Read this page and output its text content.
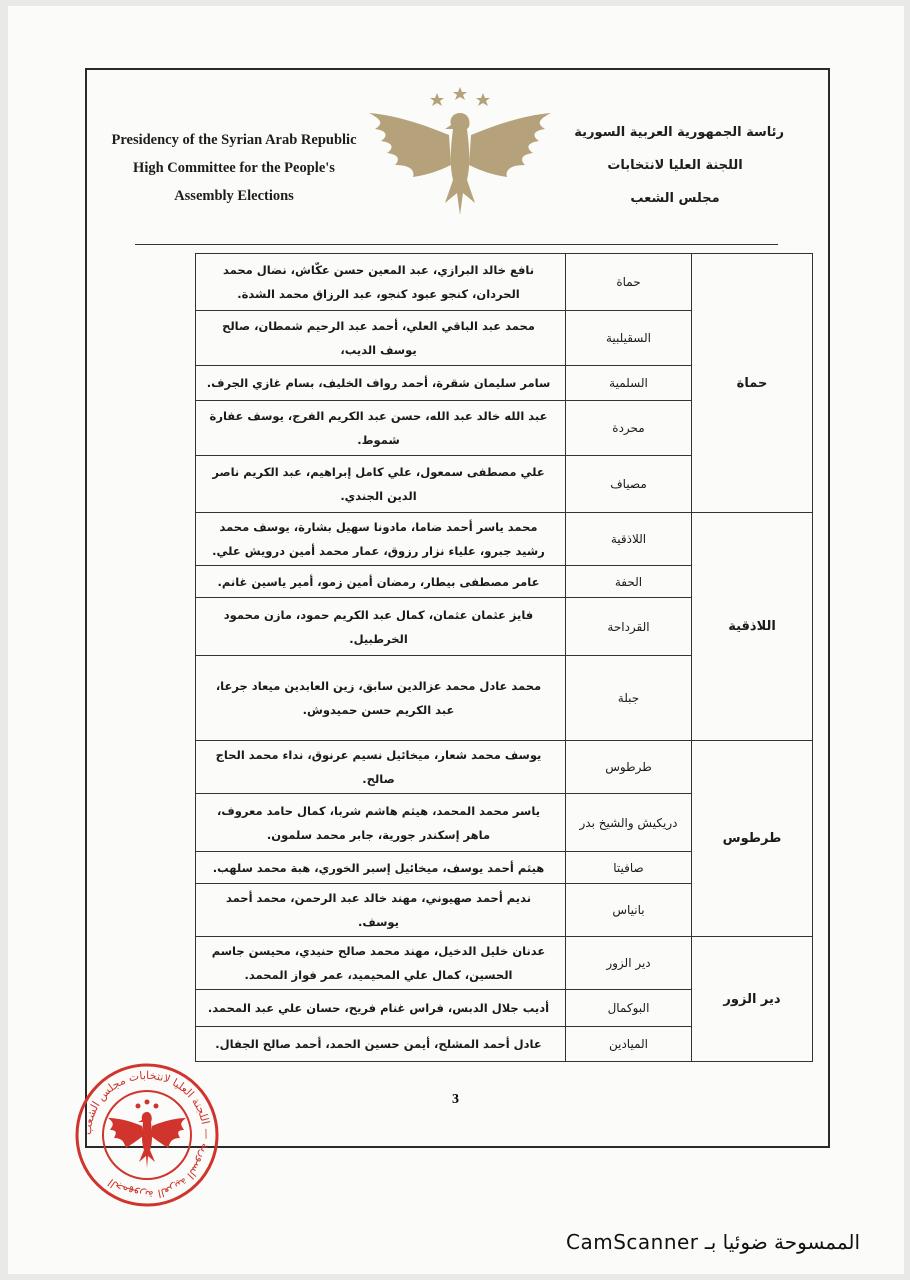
Presidency of the Syrian Arab Republic
High Committee for the People's
Assembly Elections
رئاسة الجمهورية العربية السورية
اللجنة العليا لانتخابات
مجلس الشعب
حماة	حماة	نافع خالد البرازي، عبد المعين حسن عكّاش، نضال محمد الحردان، كنجو عبود كنجو، عبد الرزاق محمد الشدة.
	السقيلبية	محمد عبد الباقي العلي، أحمد عبد الرحيم شمطان، صالح يوسف الديب،
	السلمية	سامر سليمان شقرة، أحمد رواف الخليف، بسام غازي الجرف.
	محردة	عبد الله خالد عبد الله، حسن عبد الكريم الفرج، يوسف عفارة شموط.
	مصياف	علي مصطفى سمعول، علي كامل إبراهيم، عبد الكريم ناصر الدين الجندي.
اللاذقية	اللاذقية	محمد ياسر أحمد ضاما، مادونا سهيل بشارة، يوسف محمد رشيد جبرو، علياء نزار رزوق، عمار محمد أمين درويش علي.
	الحفة	عامر مصطفى بيطار، رمضان أمين زمو، أمير ياسين غانم.
	القرداحة	فايز عثمان عثمان، كمال عبد الكريم حمود، مازن محمود الخرطبيل.
	جبلة	محمد عادل محمد عزالدين سابق، زين العابدين ميعاد جرعا، عبد الكريم حسن حميدوش.
طرطوس	طرطوس	يوسف محمد شعار، ميخائيل نسيم عرنوق، نداء محمد الحاج صالح.
	دريكيش والشيخ بدر	ياسر محمد المحمد، هيثم هاشم شربا، كمال حامد معروف، ماهر إسكندر جورية، جابر محمد سلمون.
	صافيتا	هيثم أحمد يوسف، ميخائيل إسبر الخوري، هبة محمد سلهب.
	بانياس	نديم أحمد صهيوني، مهند خالد عبد الرحمن، محمد أحمد يوسف.
دير الزور	دير الزور	عدنان خليل الدخيل، مهند محمد صالح حنيدي، محيسن جاسم الحسين، كمال علي المحيميد، عمر فواز المحمد.
	البوكمال	أديب جلال الدبس، فراس غنام فريح، حسان علي عبد المحمد.
	الميادين	عادل أحمد المشلح، أيمن حسين الحمد، أحمد صالح الجفال.
3
الجمهورية العربية السورية — اللجنة العليا لانتخابات مجلس الشعب
الممسوحة ضوئيا بـ CamScanner
